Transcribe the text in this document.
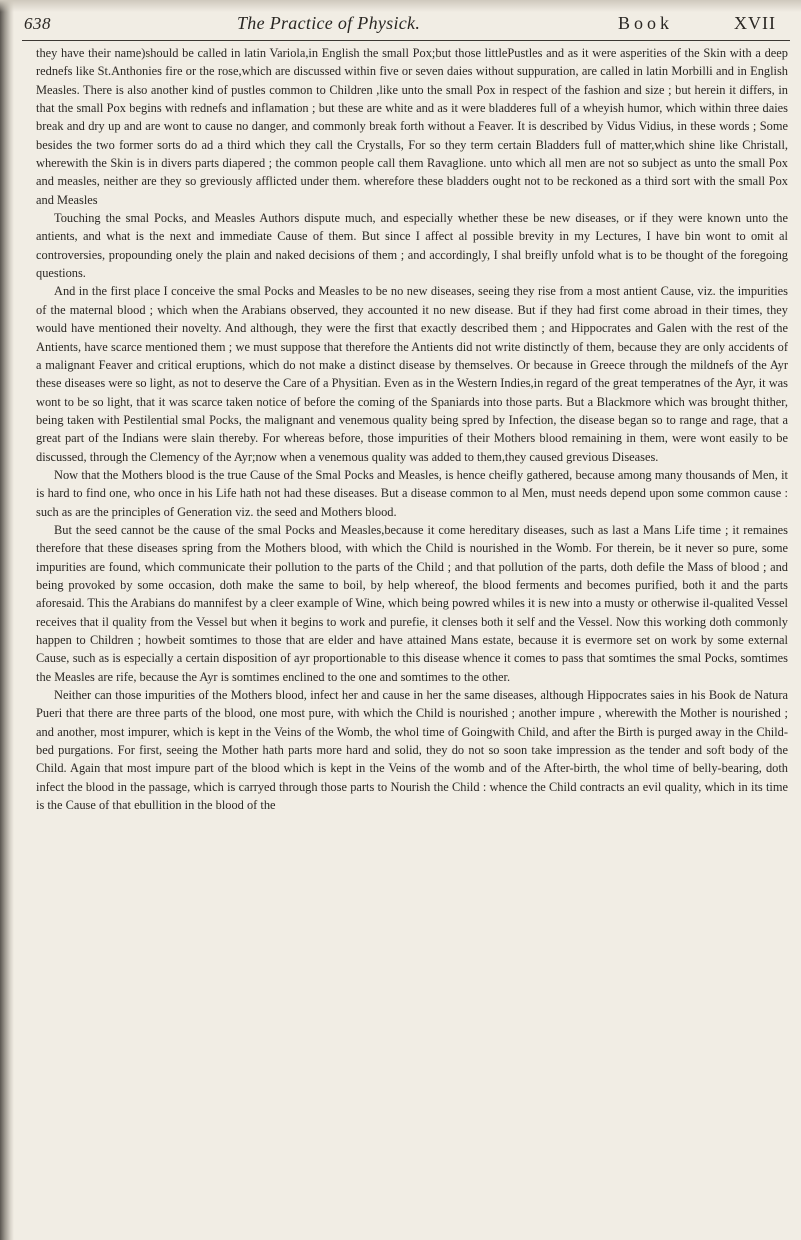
638	The Practice of Physick.	Book	XVII

they have their name)should be called in latin Variola,in English the small Pox;but those littlePustles and as it were asperities of the Skin with a deep rednefs like St.Anthonies fire or the rose,which are discussed within five or seven daies without suppuration, are called in latin Morbilli and in English Measles. There is also another kind of pustles common to Children ,like unto the small Pox in respect of the fashion and size ; but herein it differs, in that the small Pox begins with rednefs and inflamation ; but these are white and as it were bladderes full of a wheyish humor, which within three daies break and dry up and are wont to cause no danger, and commonly break forth without a Feaver. It is described by Vidus Vidius, in these words ; Some besides the two former sorts do ad a third which they call the Crystalls, For so they term certain Bladders full of matter,which shine like Christall, wherewith the Skin is in divers parts diapered ; the common people call them Ravaglione. unto which all men are not so subject as unto the small Pox and measles, neither are they so greviously afflicted under them. wherefore these bladders ought not to be reckoned as a third sort with the small Pox and Measles

Touching the smal Pocks, and Measles Authors dispute much, and especially whether these be new diseases, or if they were known unto the antients, and what is the next and immediate Cause of them. But since I affect al possible brevity in my Lectures, I have bin wont to omit al controversies, propounding onely the plain and naked decisions of them ; and accordingly, I shal breifly unfold what is to be thought of the foregoing questions.

And in the first place I conceive the smal Pocks and Measles to be no new diseases, seeing they rise from a most antient Cause, viz. the impurities of the maternal blood ; which when the Arabians observed, they accounted it no new disease. But if they had first come abroad in their times, they would have mentioned their novelty. And although, they were the first that exactly described them ; and Hippocrates and Galen with the rest of the Antients, have scarce mentioned them ; we must suppose that therefore the Antients did not write distinctly of them, because they are only accidents of a malignant Feaver and critical eruptions, which do not make a distinct disease by themselves. Or because in Greece through the mildnefs of the Ayr these diseases were so light, as not to deserve the Care of a Physitian. Even as in the Western Indies,in regard of the great temperatnes of the Ayr, it was wont to be so light, that it was scarce taken notice of before the coming of the Spaniards into those parts. But a Blackmore which was brought thither, being taken with Pestilential smal Pocks, the malignant and venemous quality being spred by Infection, the disease began so to range and rage, that a great part of the Indians were slain thereby. For whereas before, those impurities of their Mothers blood remaining in them, were wont easily to be discussed, through the Clemency of the Ayr;now when a venemous quality was added to them,they caused grevious Diseases.

Now that the Mothers blood is the true Cause of the Smal Pocks and Measles, is hence cheifly gathered, because among many thousands of Men, it is hard to find one, who once in his Life hath not had these diseases. But a disease common to al Men, must needs depend upon some common cause : such as are the principles of Generation viz. the seed and Mothers blood.

But the seed cannot be the cause of the smal Pocks and Measles,because it come hereditary diseases, such as last a Mans Life time ; it remaines therefore that these diseases spring from the Mothers blood, with which the Child is nourished in the Womb. For therein, be it never so pure, some impurities are found, which communicate their pollution to the parts of the Child ; and that pollution of the parts, doth defile the Mass of blood ; and being provoked by some occasion, doth make the same to boil, by help whereof, the blood ferments and becomes purified, both it and the parts aforesaid. This the Arabians do mannifest by a cleer example of Wine, which being powred whiles it is new into a musty or otherwise il-qualited Vessel receives that il quality from the Vessel but when it begins to work and purefie, it clenses both it self and the Vessel. Now this working doth commonly happen to Children ; howbeit somtimes to those that are elder and have attained Mans estate, because it is evermore set on work by some external Cause, such as is especially a certain disposition of ayr proportionable to this disease whence it comes to pass that somtimes the smal Pocks, somtimes the Measles are rife, because the Ayr is somtimes enclined to the one and somtimes to the other.

Neither can those impurities of the Mothers blood, infect her and cause in her the same diseases, although Hippocrates saies in his Book de Natura Pueri that there are three parts of the blood, one most pure, with which the Child is nourished ; another impure , wherewith the Mother is nourished ; and another, most impurer, which is kept in the Veins of the Womb, the whol time of Goingwith Child, and after the Birth is purged away in the Child-bed purgations. For first, seeing the Mother hath parts more hard and solid, they do not so soon take impression as the tender and soft body of the Child. Again that most impure part of the blood which is kept in the Veins of the womb and of the After-birth, the whol time of belly-bearing, doth infect the blood in the passage, which is carryed through those parts to Nourish the Child : whence the Child contracts an evil quality, which in its time is the Cause of that ebullition in the blood of the
